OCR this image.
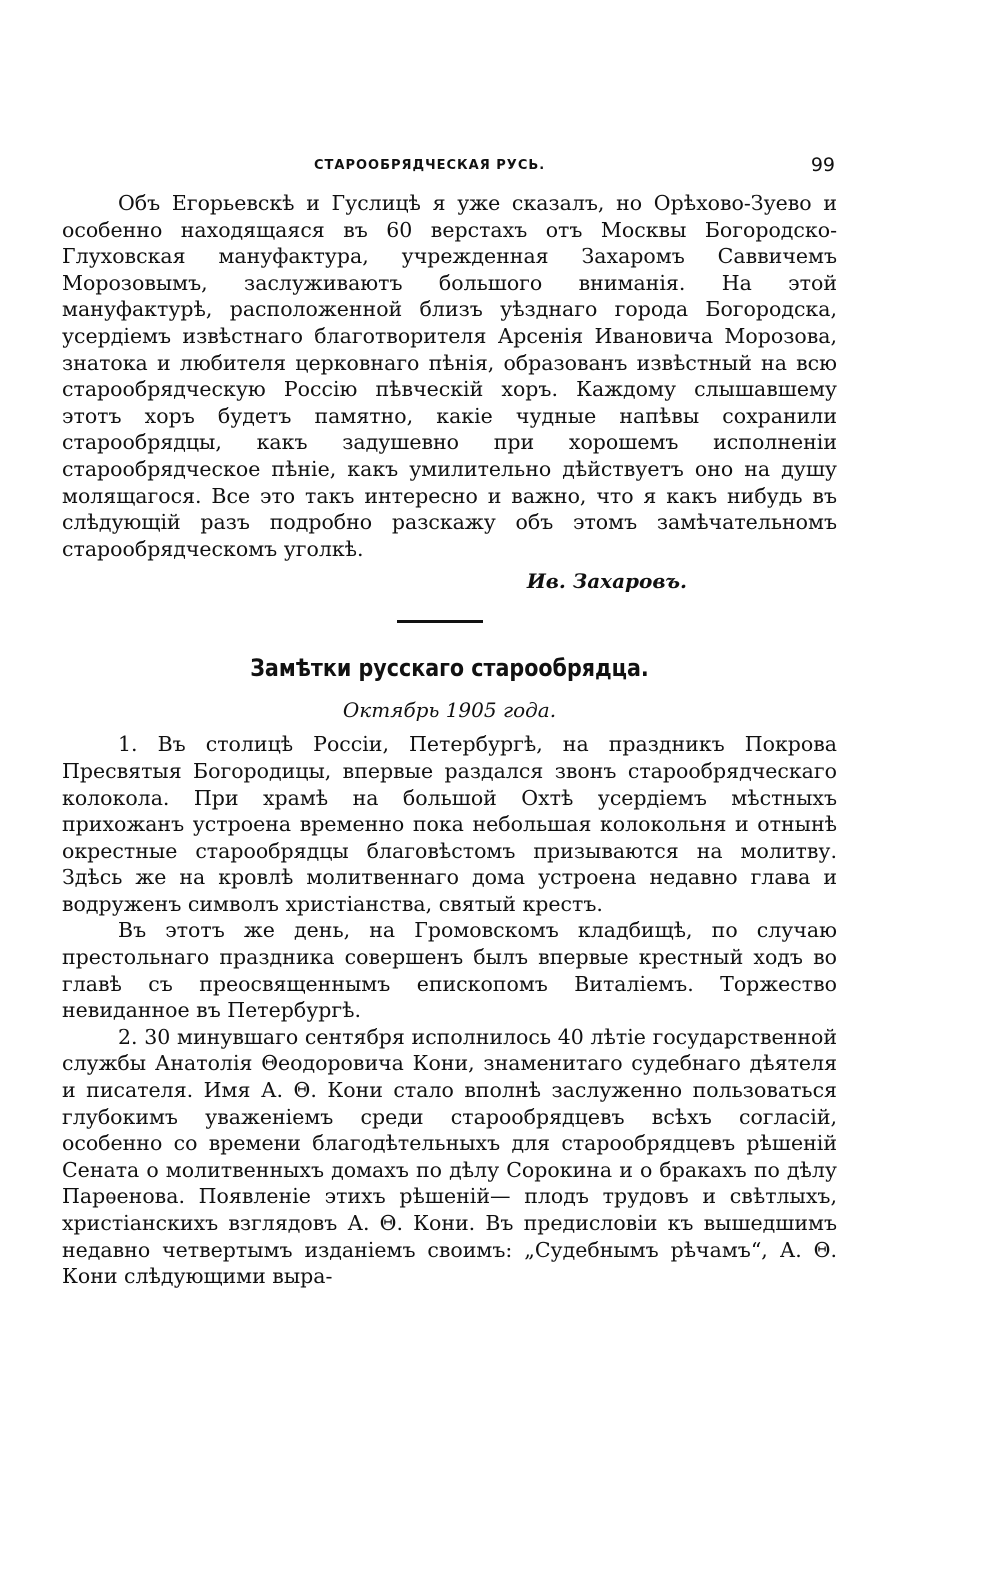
СТАРООБРЯДЧЕСКАЯ РУСЬ.	99

Объ Егорьевскѣ и Гуслицѣ я уже сказалъ, но Орѣхово-Зуево и особенно находящаяся въ 60 верстахъ отъ Москвы Богородско-Глуховская мануфактура, учрежденная Захаромъ Саввичемъ Морозовымъ, заслуживаютъ большого вниманія. На этой мануфактурѣ, расположенной близъ уѣзднаго города Богородска, усердіемъ извѣстнаго благотворителя Арсенія Ивановича Морозова, знатока и любителя церковнаго пѣнія, образованъ извѣстный на всю старообрядческую Россію пѣвческій хоръ. Каждому слышавшему этотъ хоръ будетъ памятно, какіе чудные напѣвы сохранили старообрядцы, какъ задушевно при хорошемъ исполненіи старообрядческое пѣніе, какъ умилительно дѣйствуетъ оно на душу молящагося. Все это такъ интересно и важно, что я какъ нибудь въ слѣдующій разъ подробно разскажу объ этомъ замѣчательномъ старообрядческомъ уголкѣ.

Ив. Захаровъ.
Замѣтки русскаго старообрядца.
Октябрь 1905 года.

1. Въ столицѣ Россіи, Петербургѣ, на праздникъ Покрова Пресвятыя Богородицы, впервые раздался звонъ старообрядческаго колокола. При храмѣ на большой Охтѣ усердіемъ мѣстныхъ прихожанъ устроена временно пока небольшая колокольня и отнынѣ окрестные старообрядцы благовѣстомъ призываются на молитву. Здѣсь же на кровлѣ молитвеннаго дома устроена недавно глава и водруженъ символъ христіанства, святый крестъ.

Въ этотъ же день, на Громовскомъ кладбищѣ, по случаю престольнаго праздника совершенъ былъ впервые крестный ходъ во главѣ съ преосвященнымъ епископомъ Виталіемъ. Торжество невиданное въ Петербургѣ.

2. 30 минувшаго сентября исполнилось 40 лѣтіе государственной службы Анатолія Θеодоровича Кони, знаменитаго судебнаго дѣятеля и писателя. Имя А. Θ. Кони стало вполнѣ заслуженно пользоваться глубокимъ уваженіемъ среди старообрядцевъ всѣхъ согласій, особенно со времени благодѣтельныхъ для старообрядцевъ рѣшеній Сената о молитвенныхъ домахъ по дѣлу Сорокина и о бракахъ по дѣлу Парѳенова. Появленіе этихъ рѣшеній— плодъ трудовъ и свѣтлыхъ, христіанскихъ взглядовъ А. Θ. Кони. Въ предисловіи къ вышедшимъ недавно четвертымъ изданіемъ своимъ: „Судебнымъ рѣчамъ“, А. Θ. Кони слѣдующими выра-
